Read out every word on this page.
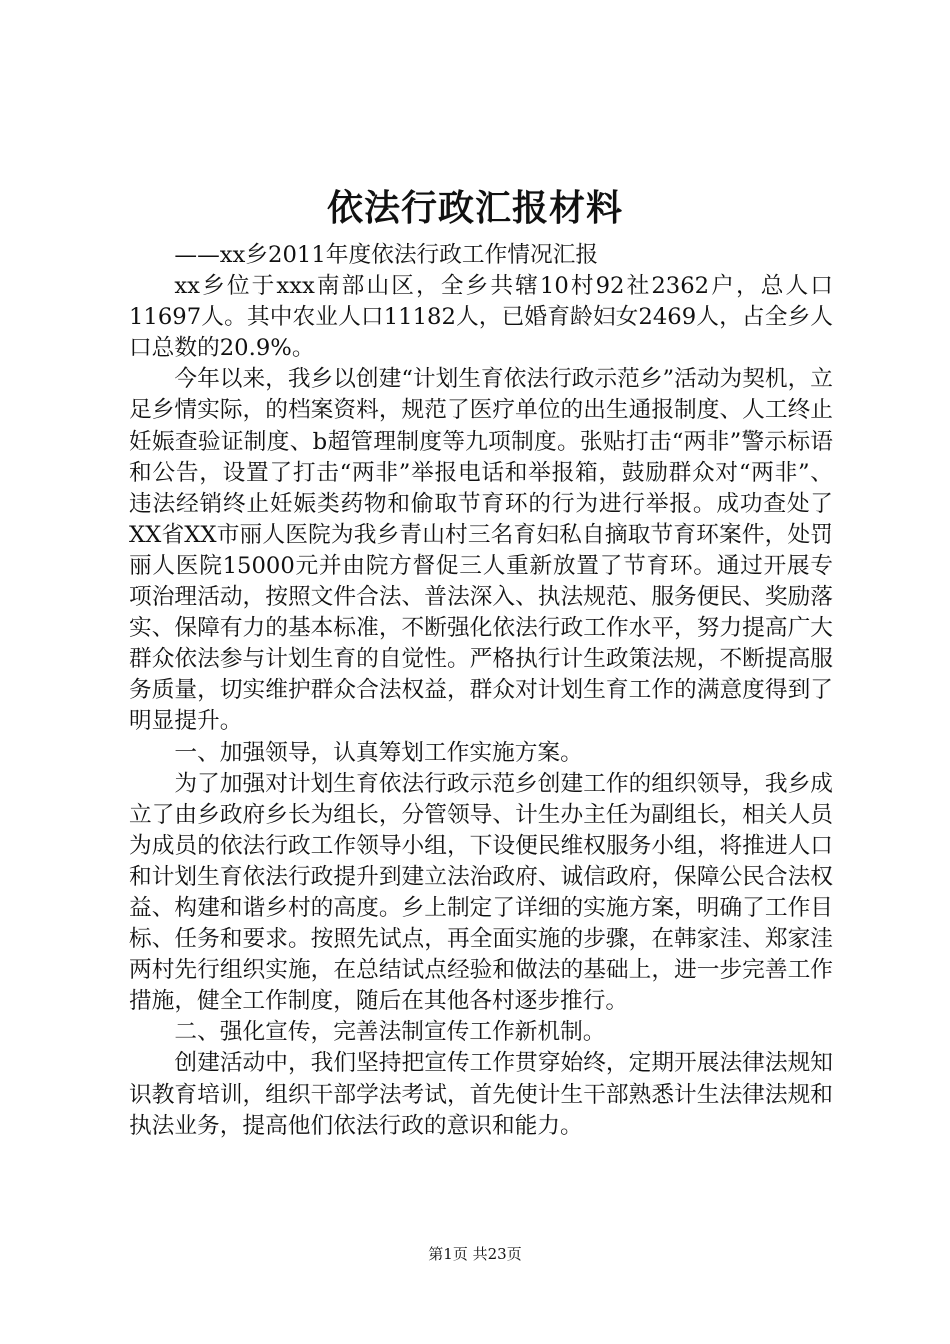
依法行政汇报材料

——xx乡2011年度依法行政工作情况汇报

xx乡位于xxx南部山区，全乡共辖10村92社2362户，总人口11697人。其中农业人口11182人，已婚育龄妇女2469人，占全乡人口总数的20.9%。

今年以来，我乡以创建“计划生育依法行政示范乡”活动为契机，立足乡情实际，的档案资料，规范了医疗单位的出生通报制度、人工终止妊娠查验证制度、b超管理制度等九项制度。张贴打击“两非”警示标语和公告，设置了打击“两非”举报电话和举报箱，鼓励群众对“两非”、违法经销终止妊娠类药物和偷取节育环的行为进行举报。成功查处了XX省XX市丽人医院为我乡青山村三名育妇私自摘取节育环案件，处罚丽人医院15000元并由院方督促三人重新放置了节育环。通过开展专项治理活动，按照文件合法、普法深入、执法规范、服务便民、奖励落实、保障有力的基本标准，不断强化依法行政工作水平，努力提高广大群众依法参与计划生育的自觉性。严格执行计生政策法规，不断提高服务质量，切实维护群众合法权益，群众对计划生育工作的满意度得到了明显提升。

一、加强领导，认真筹划工作实施方案。

为了加强对计划生育依法行政示范乡创建工作的组织领导，我乡成立了由乡政府乡长为组长，分管领导、计生办主任为副组长，相关人员为成员的依法行政工作领导小组，下设便民维权服务小组，将推进人口和计划生育依法行政提升到建立法治政府、诚信政府，保障公民合法权益、构建和谐乡村的高度。乡上制定了详细的实施方案，明确了工作目标、任务和要求。按照先试点，再全面实施的步骤，在韩家洼、郑家洼两村先行组织实施，在总结试点经验和做法的基础上，进一步完善工作措施，健全工作制度，随后在其他各村逐步推行。

二、强化宣传，完善法制宣传工作新机制。

创建活动中，我们坚持把宣传工作贯穿始终，定期开展法律法规知识教育培训，组织干部学法考试，首先使计生干部熟悉计生法律法规和执法业务，提高他们依法行政的意识和能力。

第1页 共23页
